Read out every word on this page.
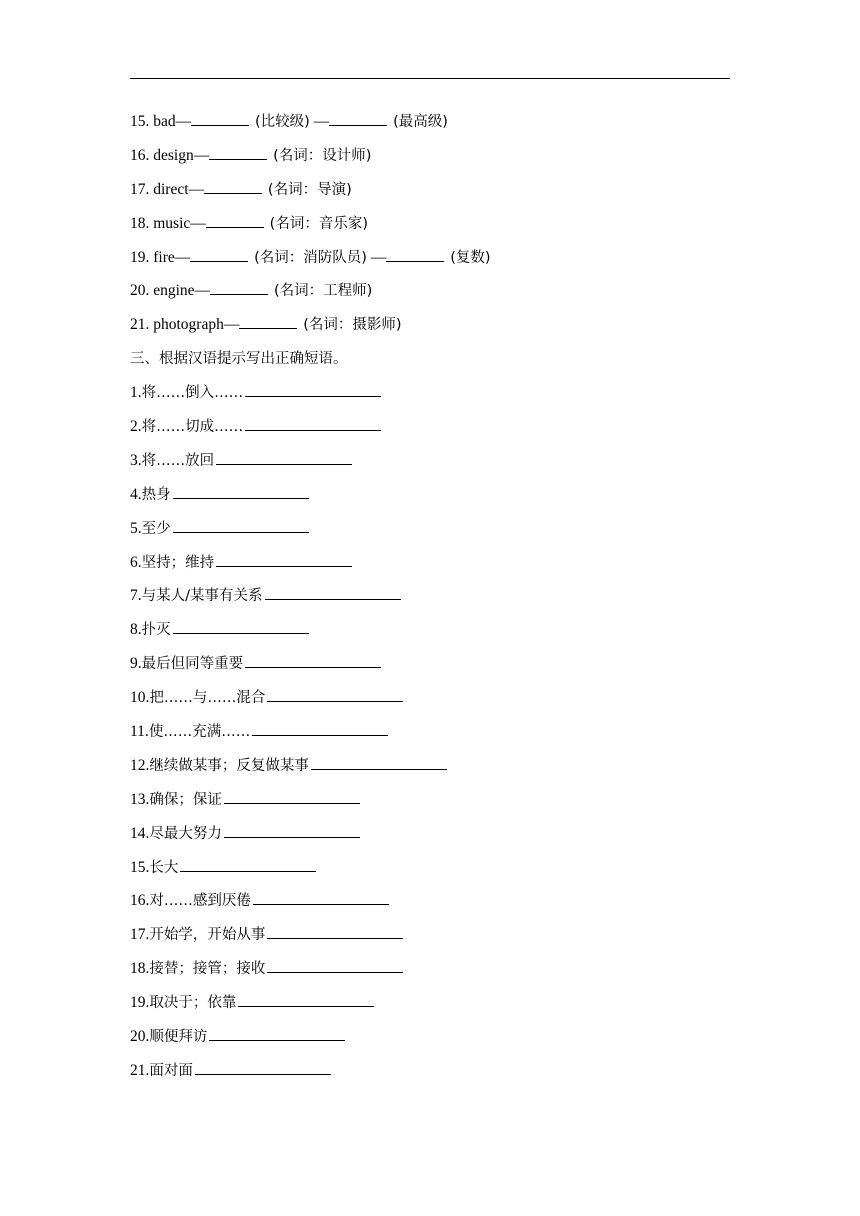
15. bad—	(比较级) —	(最高级)
16. design—	(名词：设计师)
17. direct—	(名词：导演)
18. music—	(名词：音乐家)
19. fire—	(名词：消防队员) —	(复数)
20. engine—	(名词：工程师)
21. photograph—	(名词：摄影师)
三、根据汉语提示写出正确短语。
1.将……倒入……
2.将……切成……
3.将……放回
4.热身
5.至少
6.坚持；维持
7.与某人/某事有关系
8.扑灭
9.最后但同等重要
10.把……与……混合
11.使……充满……
12.继续做某事；反复做某事
13.确保；保证
14.尽最大努力
15.长大
16.对……感到厌倦
17.开始学，开始从事
18.接替；接管；接收
19.取决于；依靠
20.顺便拜访
21.面对面
